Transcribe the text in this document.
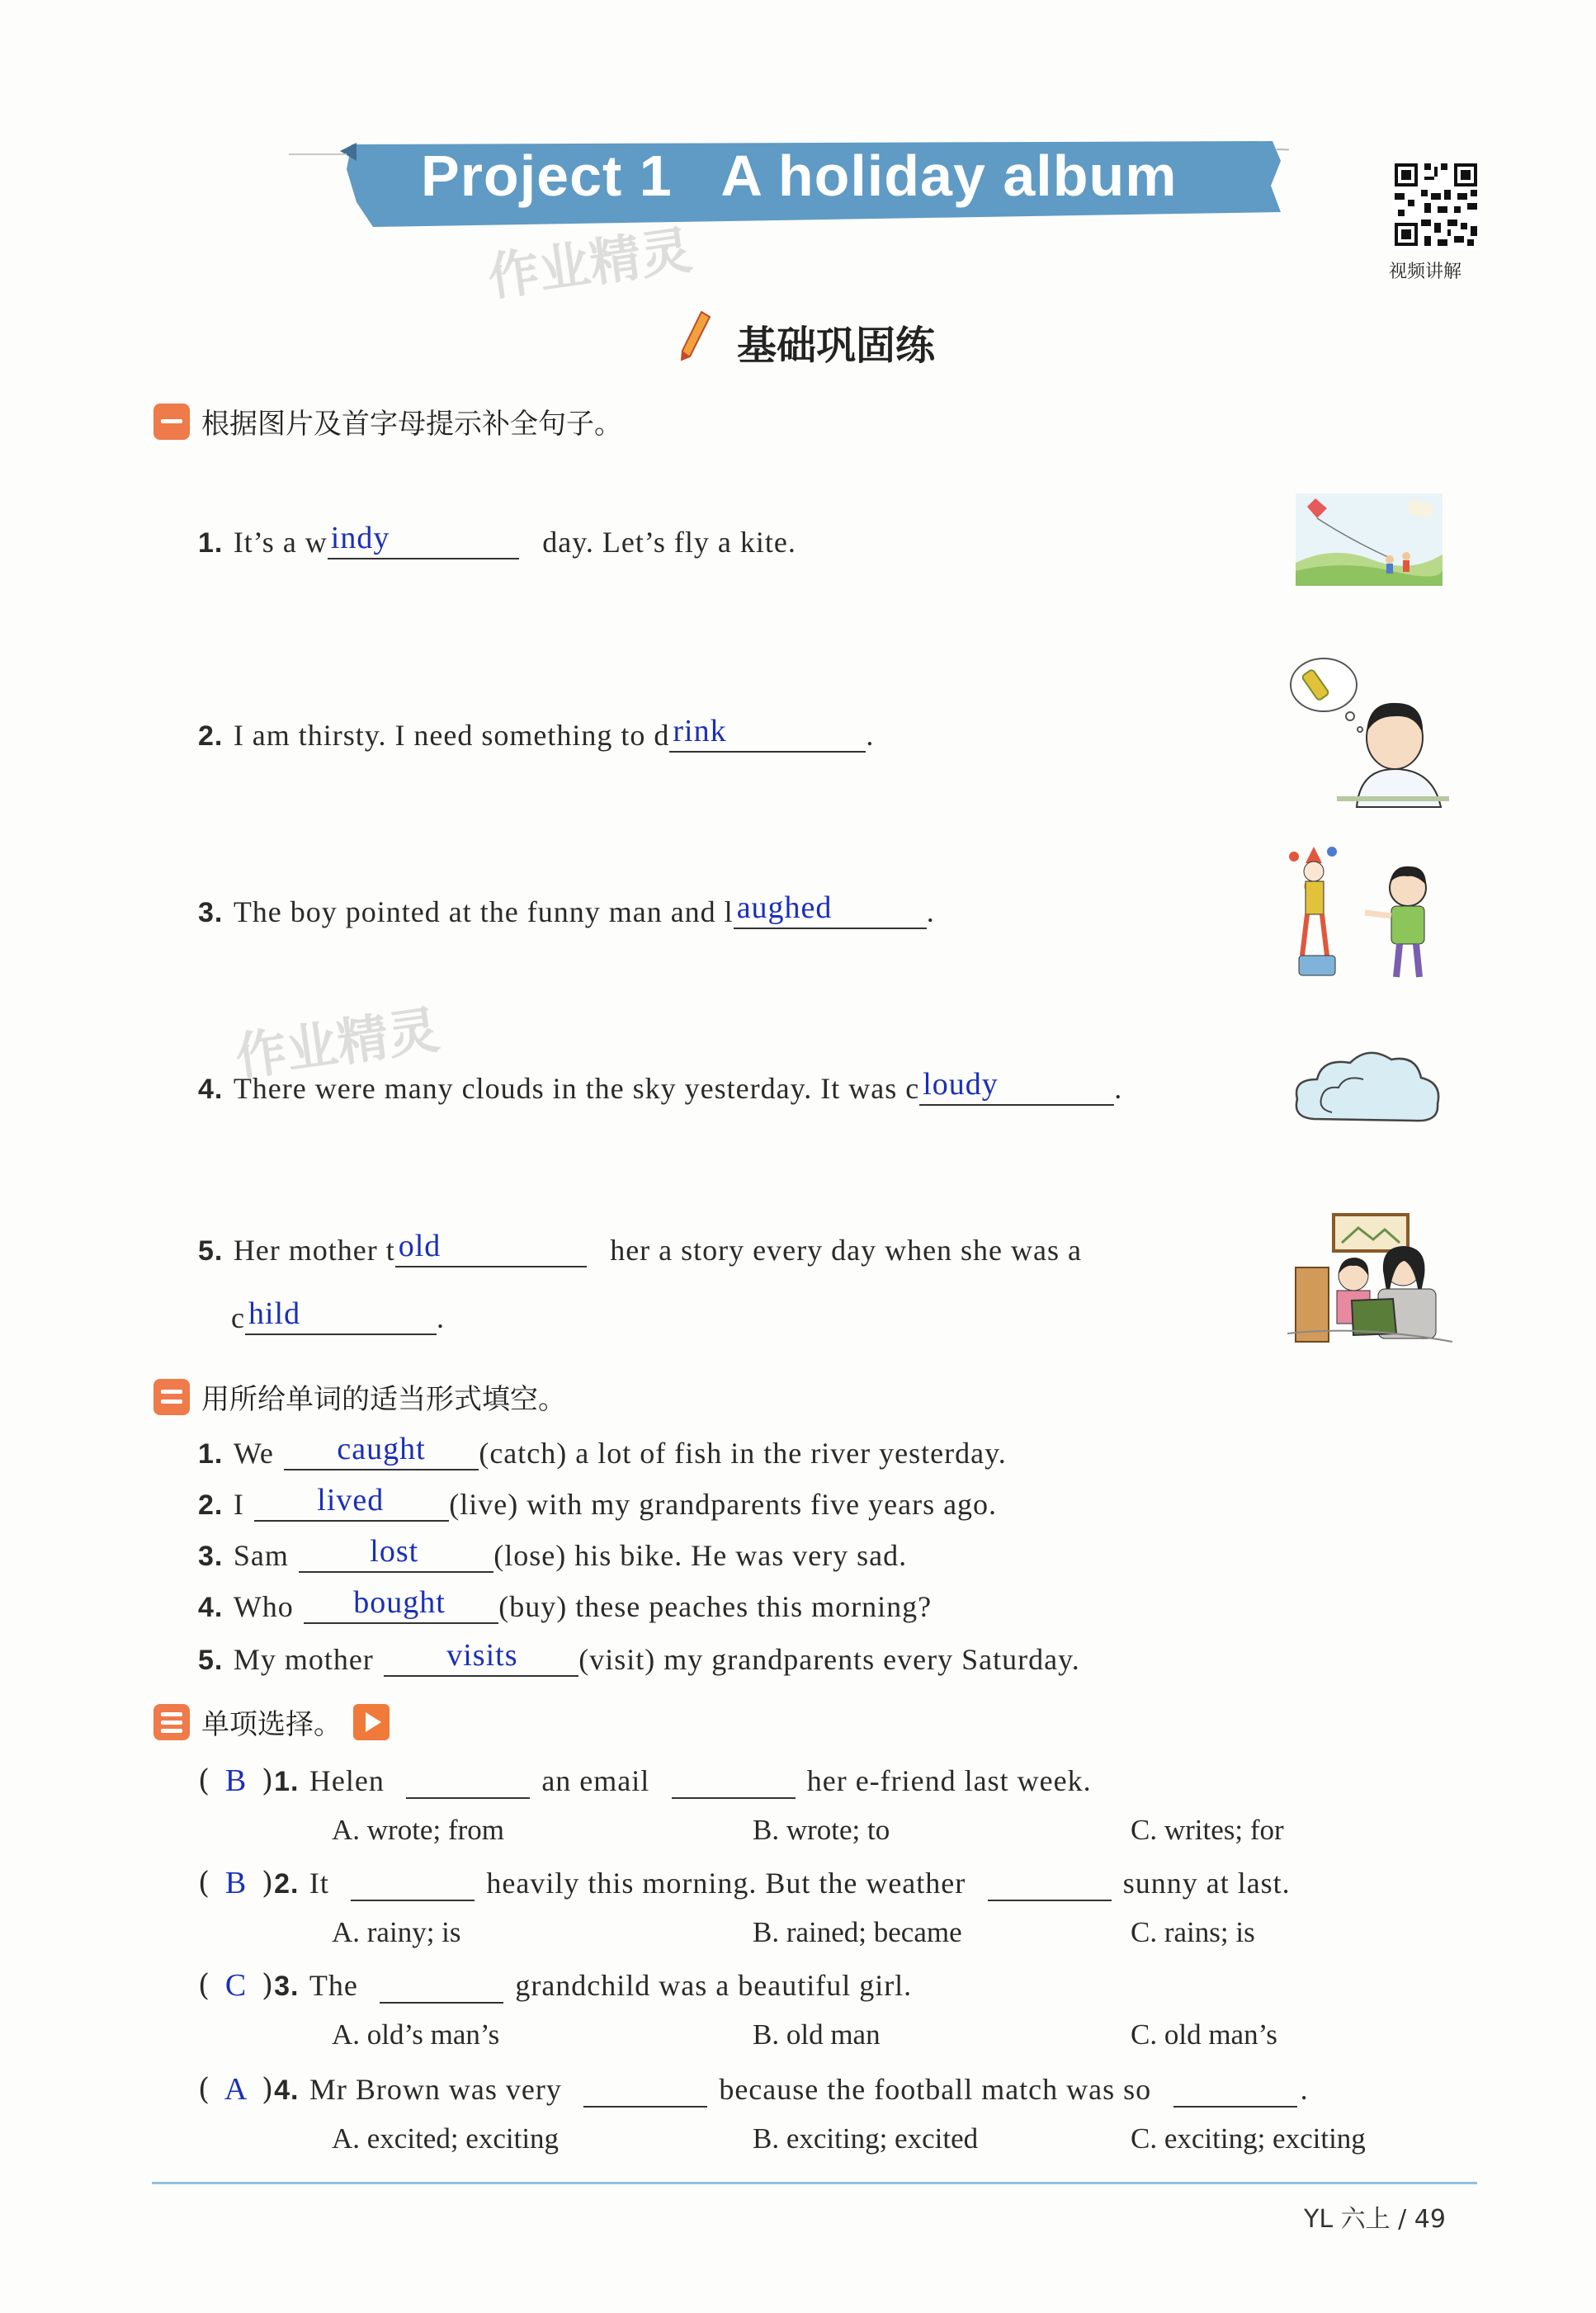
Project 1   A holiday album
视频讲解
作业精灵
作业精灵
基础巩固练
根据图片及首字母提示补全句子。
1. It’s a w indy	day. Let’s fly a kite.
2. I am thirsty. I need something to d rink	.
3. The boy pointed at the funny man and l aughed	.
4. There were many clouds in the sky yesterday. It was c loudy	.
5. Her mother t old	her a story every day when she was a
c hild	.
用所给单词的适当形式填空。
1. We caught (catch) a lot of fish in the river yesterday.
2. I lived (live) with my grandparents five years ago.
3. Sam	lost	(lose) his bike. He was very sad.
4. Who bought (buy) these peaches this morning?
5. My mother visits (visit) my grandparents every Saturday.
单项选择。
( B )1. Helen	an email	her e-friend last week.
A. wrote; from	B. wrote; to	C. writes; for
( B )2. It	heavily this morning. But the weather	sunny at last.
A. rainy; is	B. rained; became	C. rains; is
( C )3. The	grandchild was a beautiful girl.
A. old’s man’s	B. old man	C. old man’s
( A )4. Mr Brown was very	because the football match was so	.
A. excited; exciting	B. exciting; excited	C. exciting; exciting
YL 六上 / 49
